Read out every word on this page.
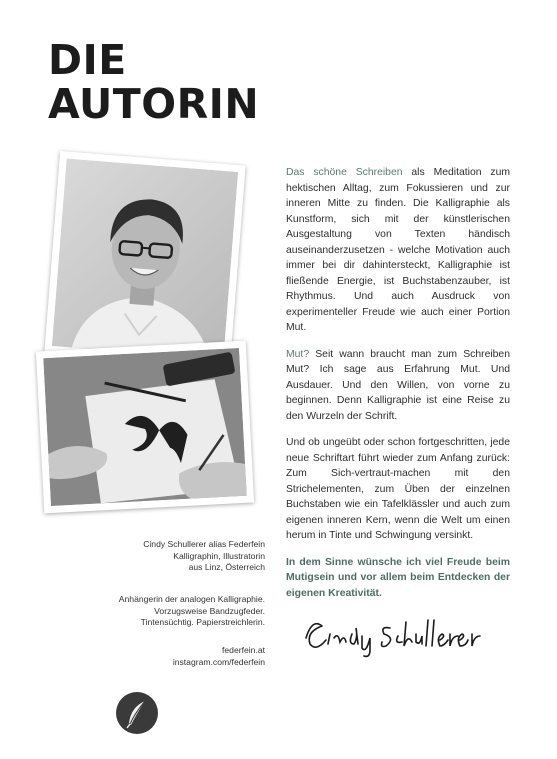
DIE
AUTORIN
Cindy Schullerer alias Federfein
Kalligraphin, Illustratorin
aus Linz, Österreich
Anhängerin der analogen Kalligraphie.
Vorzugsweise Bandzugfeder.
Tintensüchtig. Papierstreichlerin.
federfein.at
instagram.com/federfein

Das schöne Schreiben als Meditation zum hektischen Alltag, zum Fokussieren und zur inneren Mitte zu finden. Die Kalligraphie als Kunstform, sich mit der künstlerischen Ausgestaltung von Texten händisch auseinanderzusetzen - welche Motivation auch immer bei dir dahintersteckt, Kalligraphie ist fließende Energie, ist Buchstabenzauber, ist Rhythmus. Und auch Ausdruck von experimenteller Freude wie auch einer Portion Mut.

Mut? Seit wann braucht man zum Schreiben Mut? Ich sage aus Erfahrung Mut. Und Ausdauer. Und den Willen, von vorne zu beginnen. Denn Kalligraphie ist eine Reise zu den Wurzeln der Schrift.

Und ob ungeübt oder schon fortgeschritten, jede neue Schriftart führt wieder zum Anfang zurück: Zum Sich-vertraut-machen mit den Strichelementen, zum Üben der einzelnen Buchstaben wie ein Tafelklässler und auch zum eigenen inneren Kern, wenn die Welt um einen herum in Tinte und Schwingung versinkt.

In dem Sinne wünsche ich viel Freude beim Mutigsein und vor allem beim Entdecken der eigenen Kreativität.
